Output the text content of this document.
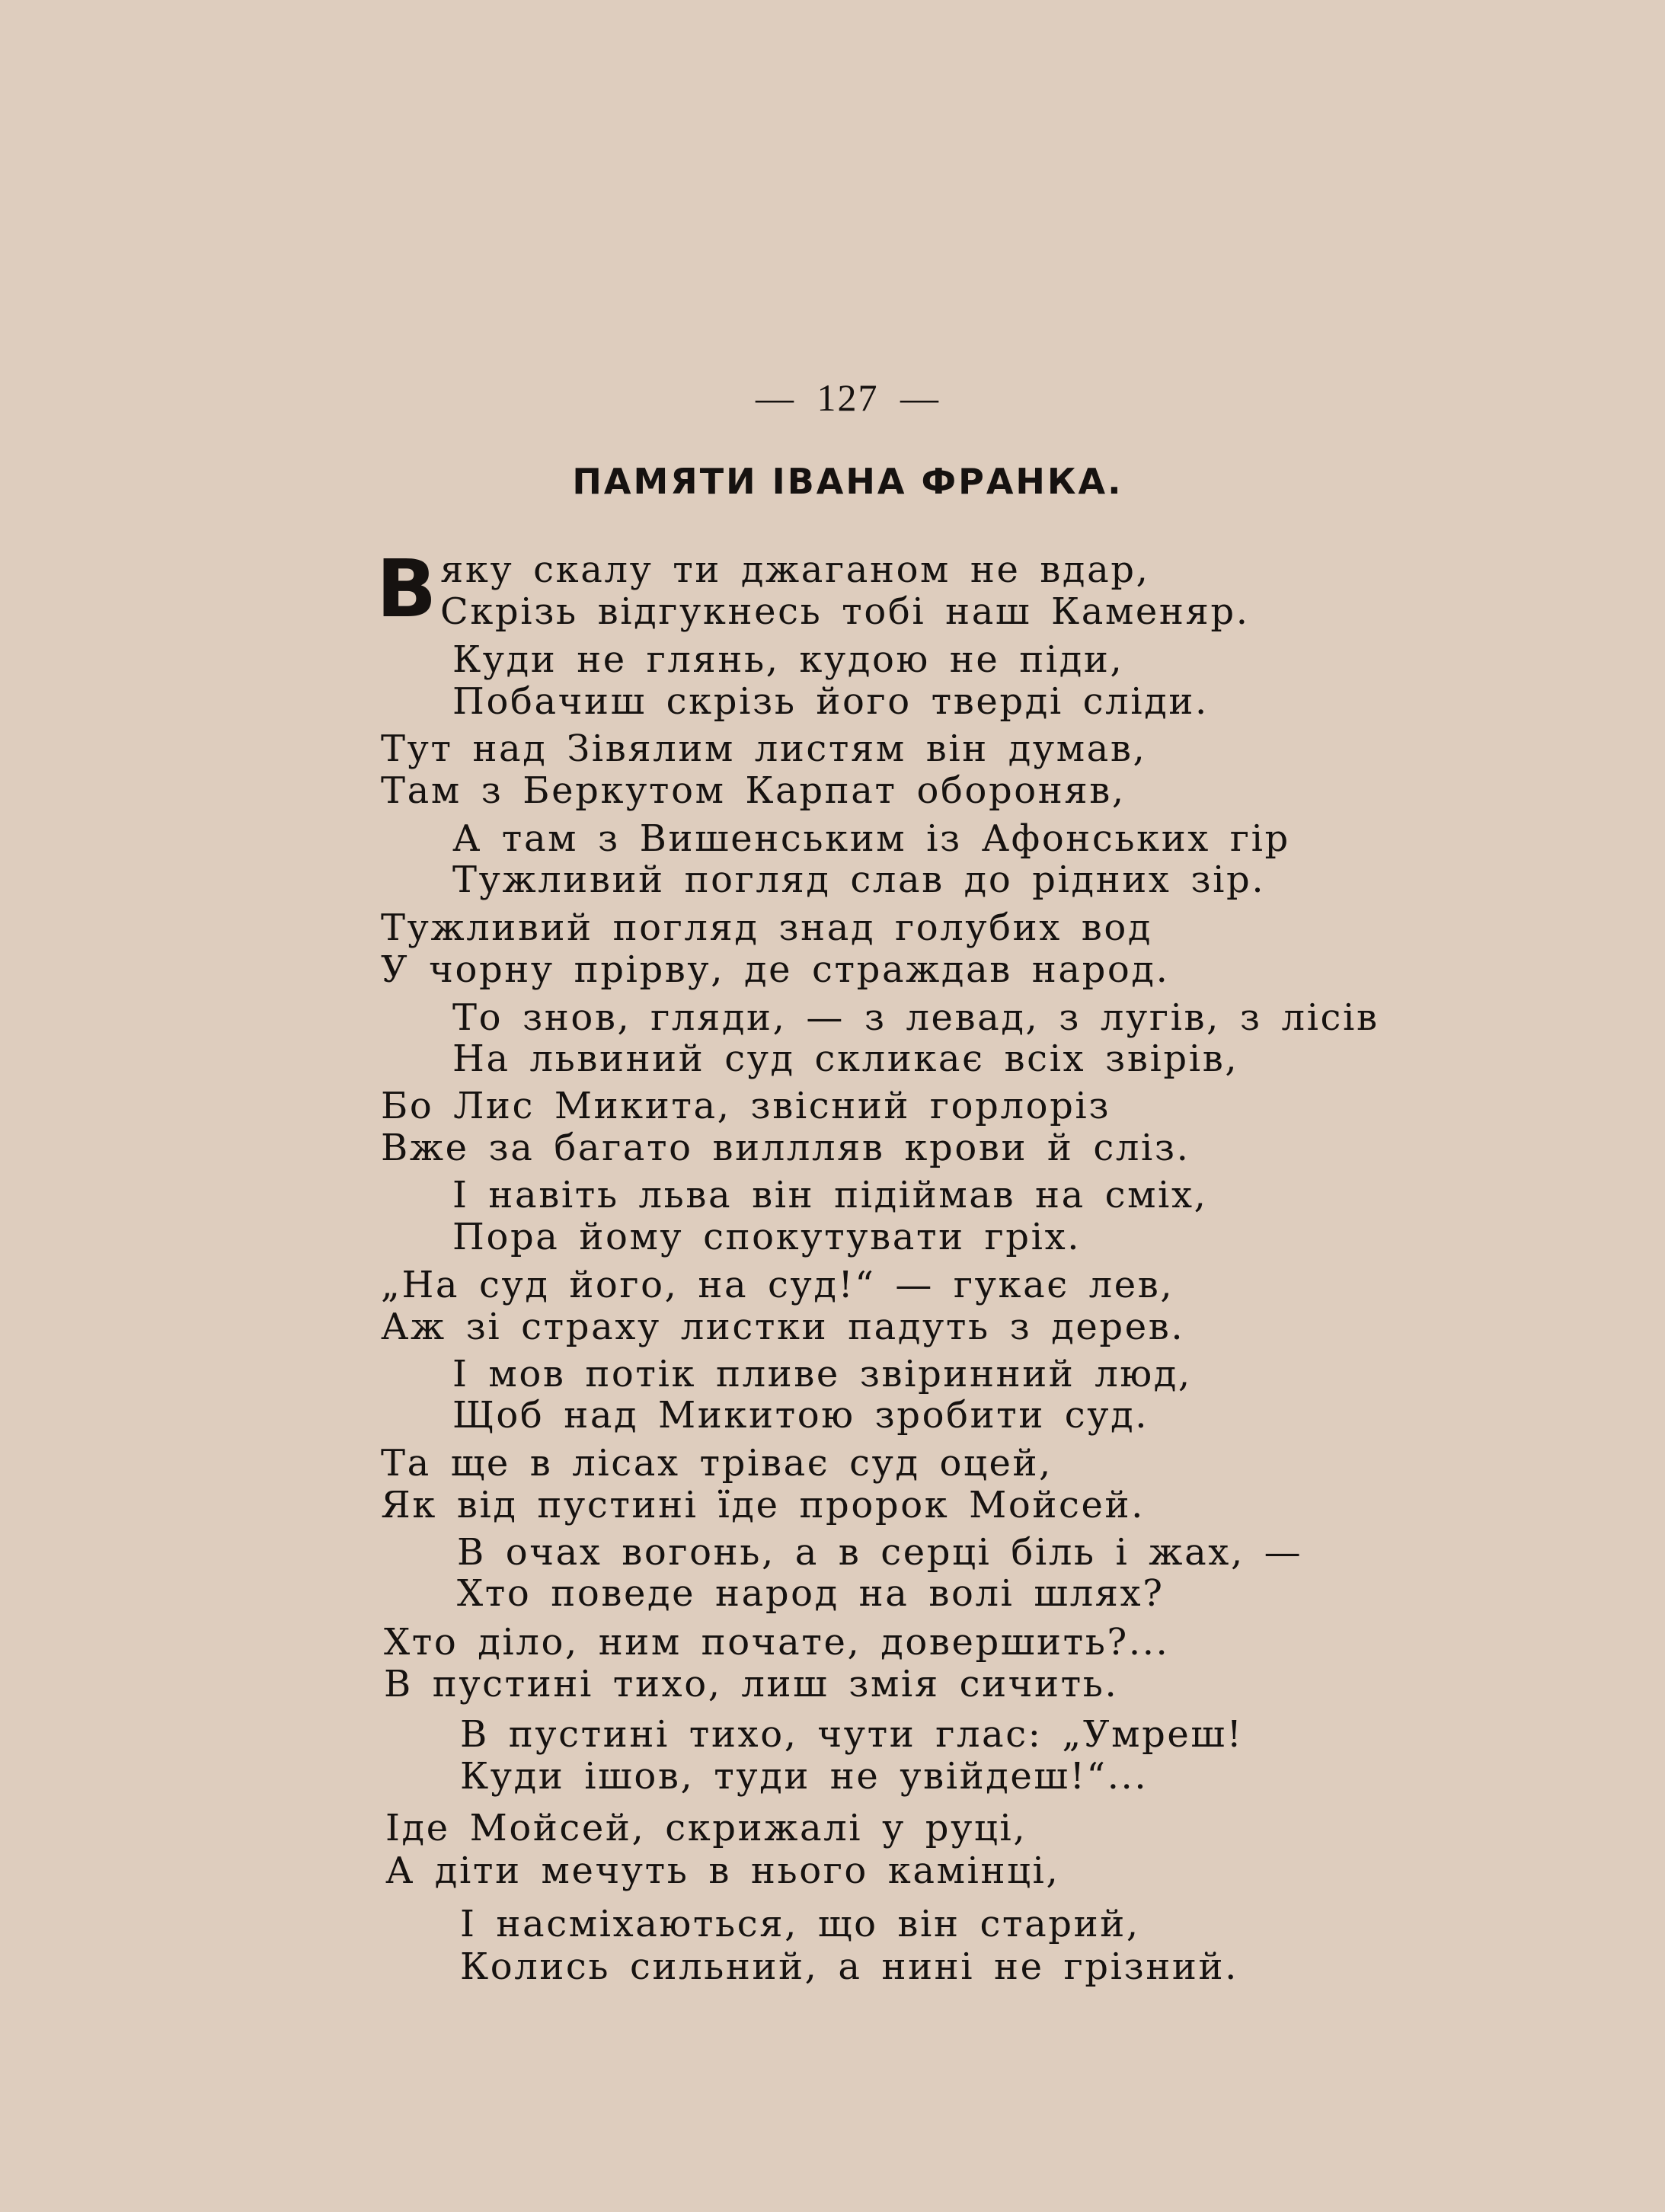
— 127 —
ПАМЯТИ ІВАНА ФРАНКА.
В яку скалу ти джаганом не вдар,
Скрізь відгукнесь тобі наш Каменяр.
Куди не глянь, кудою не піди,
Побачиш скрізь його тверді сліди.
Тут над Зівялим листям він думав,
Там з Беркутом Карпат обороняв,
А там з Вишенським із Афонських гір
Тужливий погляд слав до рідних зір.
Тужливий погляд знад голубих вод
У чорну прірву, де страждав народ.
То знов, гляди, — з левад, з лугів, з лісів
На львиний суд скликає всіх звірів,
Бо Лис Микита, звісний горлоріз
Вже за багато виллляв крови й сліз.
І навіть льва він підіймав на сміх,
Пора йому спокутувати гріх.
„На суд його, на суд!“ — гукає лев,
Аж зі страху листки падуть з дерев.
І мов потік пливе звіринний люд,
Щоб над Микитою зробити суд.
Та ще в лісах тріває суд оцей,
Як від пустині їде пророк Мойсей.
В очах вогонь, а в серці біль і жах, —
Хто поведе народ на волі шлях?
Хто діло, ним почате, довершить?...
В пустині тихо, лиш змія сичить.
В пустині тихо, чути глас: „Умреш!
Куди ішов, туди не увійдеш!“...
Іде Мойсей, скрижалі у руці,
А діти мечуть в нього камінці,
І насміхаються, що він старий,
Колись сильний, а нині не грізний.
